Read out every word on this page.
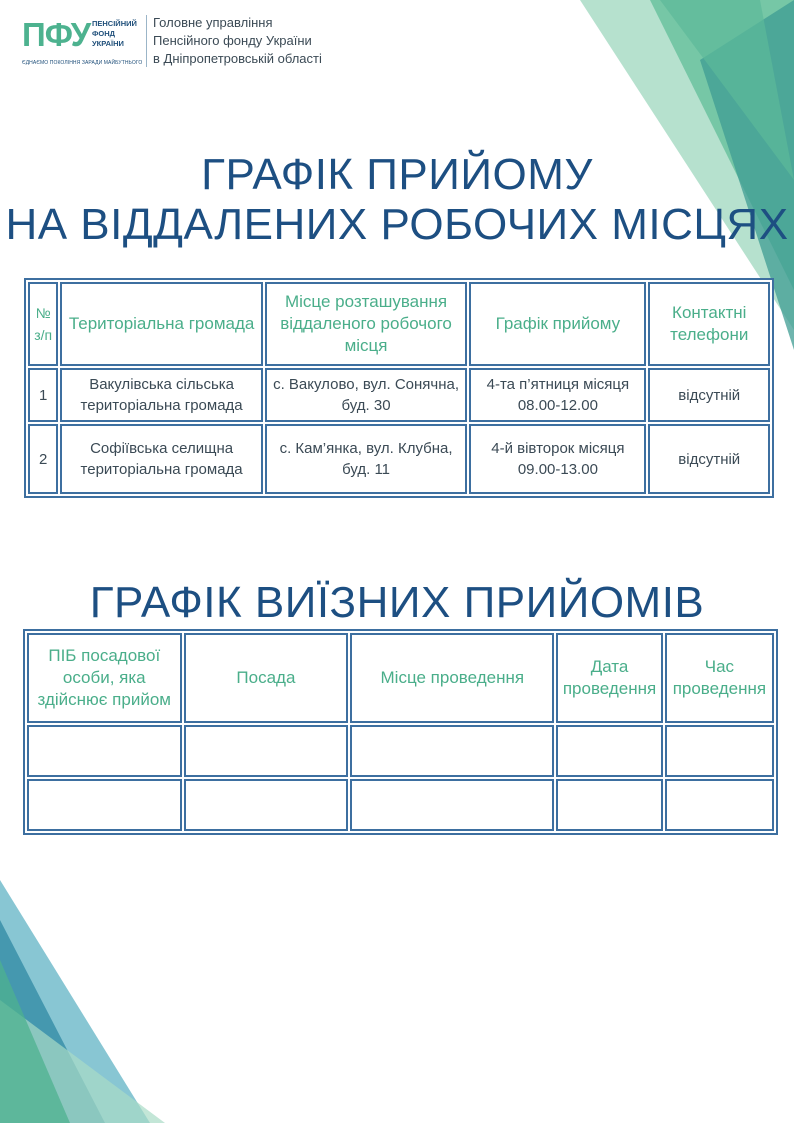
ПФУ ПЕНСІЙНИЙ
ФОНД
УКРАЇНИ
ЄДНАЄМО ПОКОЛІННЯ ЗАРАДИ МАЙБУТНЬОГО
Головне управління
Пенсійного фонду України
в Дніпропетровській області
ГРАФІК ПРИЙОМУ
НА ВІДДАЛЕНИХ РОБОЧИХ МІСЦЯХ
№ з/п	Територіальна громада	Місце розташування віддаленого робочого місця	Графік прийому	Контактні телефони
1	Вакулівська сільська територіальна громада	с. Вакулово, вул. Сонячна, буд. 30	4-та п’ятниця місяця 08.00-12.00	відсутній
2	Софіївська селищна територіальна громада	с. Кам’янка, вул. Клубна, буд. 11	4-й вівторок місяця 09.00-13.00	відсутній
ГРАФІК ВИЇЗНИХ ПРИЙОМІВ
ПІБ посадової особи, яка здійснює прийом	Посада	Місце проведення	Дата проведення	Час проведення
